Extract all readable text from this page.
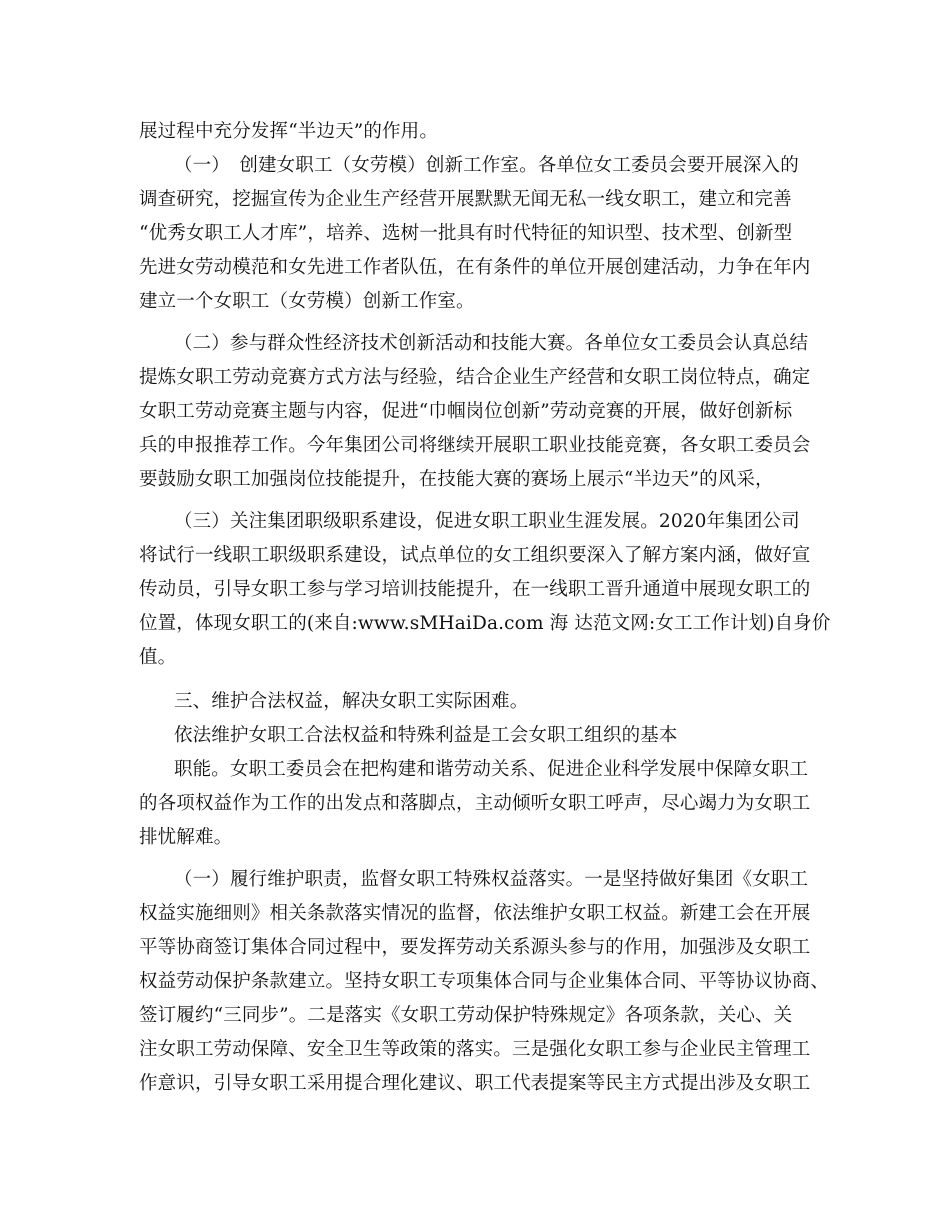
展过程中充分发挥“半边天”的作用。
（一）　创建女职工（女劳模）创新工作室。各单位女工委员会要开展深入的
调查研究，挖掘宣传为企业生产经营开展默默无闻无私一线女职工，建立和完善
“优秀女职工人才库”，培养、选树一批具有时代特征的知识型、技术型、创新型
先进女劳动模范和女先进工作者队伍，在有条件的单位开展创建活动，力争在年内
建立一个女职工（女劳模）创新工作室。
（二）参与群众性经济技术创新活动和技能大赛。各单位女工委员会认真总结
提炼女职工劳动竞赛方式方法与经验，结合企业生产经营和女职工岗位特点，确定
女职工劳动竞赛主题与内容，促进“巾帼岗位创新”劳动竞赛的开展，做好创新标
兵的申报推荐工作。今年集团公司将继续开展职工职业技能竞赛，各女职工委员会
要鼓励女职工加强岗位技能提升，在技能大赛的赛场上展示“半边天”的风采，
（三）关注集团职级职系建设，促进女职工职业生涯发展。2020年集团公司
将试行一线职工职级职系建设，试点单位的女工组织要深入了解方案内涵，做好宣
传动员，引导女职工参与学习培训技能提升，在一线职工晋升通道中展现女职工的
位置，体现女职工的(来自:www.sMHaiDa.com 海 达范文网:女工工作计划)自身价
值。
三、维护合法权益，解决女职工实际困难。
依法维护女职工合法权益和特殊利益是工会女职工组织的基本
职能。女职工委员会在把构建和谐劳动关系、促进企业科学发展中保障女职工
的各项权益作为工作的出发点和落脚点，主动倾听女职工呼声，尽心竭力为女职工
排忧解难。
（一）履行维护职责，监督女职工特殊权益落实。一是坚持做好集团《女职工
权益实施细则》相关条款落实情况的监督，依法维护女职工权益。新建工会在开展
平等协商签订集体合同过程中，要发挥劳动关系源头参与的作用，加强涉及女职工
权益劳动保护条款建立。坚持女职工专项集体合同与企业集体合同、平等协议协商、
签订履约“三同步”。二是落实《女职工劳动保护特殊规定》各项条款，关心、关
注女职工劳动保障、安全卫生等政策的落实。三是强化女职工参与企业民主管理工
作意识，引导女职工采用提合理化建议、职工代表提案等民主方式提出涉及女职工
